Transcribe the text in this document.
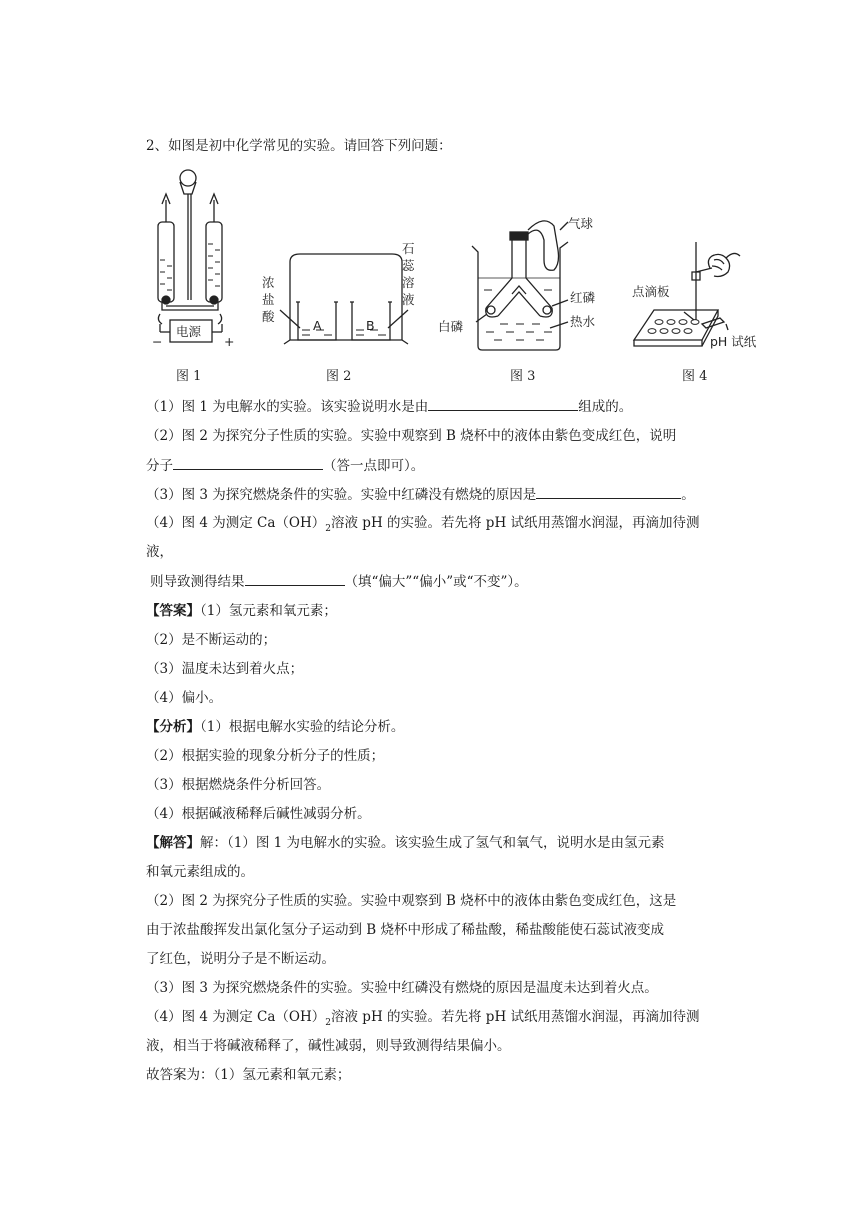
2、如图是初中化学常见的实验。请回答下列问题：
电源
−	+
图 1
浓
盐
酸
石
蕊
溶
液
A	B
图 2
气球
红磷
白磷	热水
图 3
点滴板
pH 试纸
图 4
（1）图 1 为电解水的实验。该实验说明水是由	组成的。
（2）图 2 为探究分子性质的实验。实验中观察到 B 烧杯中的液体由紫色变成红色，说明
分子	（答一点即可）。
（3）图 3 为探究燃烧条件的实验。实验中红磷没有燃烧的原因是	。
（4）图 4 为测定 $Ca(OH)_2$溶液 pH 的实验。若先将 pH 试纸用蒸馏水润湿，再滴加待测
液，
则导致测得结果	（填“偏大”“偏小”或“不变”）。
【答案】（1）氢元素和氧元素；
（2）是不断运动的；
（3）温度未达到着火点；
（4）偏小。
【分析】（1）根据电解水实验的结论分析。
（2）根据实验的现象分析分子的性质；
（3）根据燃烧条件分析回答。
（4）根据碱液稀释后碱性减弱分析。
【解答】解：（1）图 1 为电解水的实验。该实验生成了氢气和氧气，说明水是由氢元素
和氧元素组成的。
（2）图 2 为探究分子性质的实验。实验中观察到 B 烧杯中的液体由紫色变成红色，这是
由于浓盐酸挥发出氯化氢分子运动到 B 烧杯中形成了稀盐酸，稀盐酸能使石蕊试液变成
了红色，说明分子是不断运动。
（3）图 3 为探究燃烧条件的实验。实验中红磷没有燃烧的原因是温度未达到着火点。
（4）图 4 为测定 $Ca(OH)_2$溶液 pH 的实验。若先将 pH 试纸用蒸馏水润湿，再滴加待测
液，相当于将碱液稀释了，碱性减弱，则导致测得结果偏小。
故答案为：（1）氢元素和氧元素；
